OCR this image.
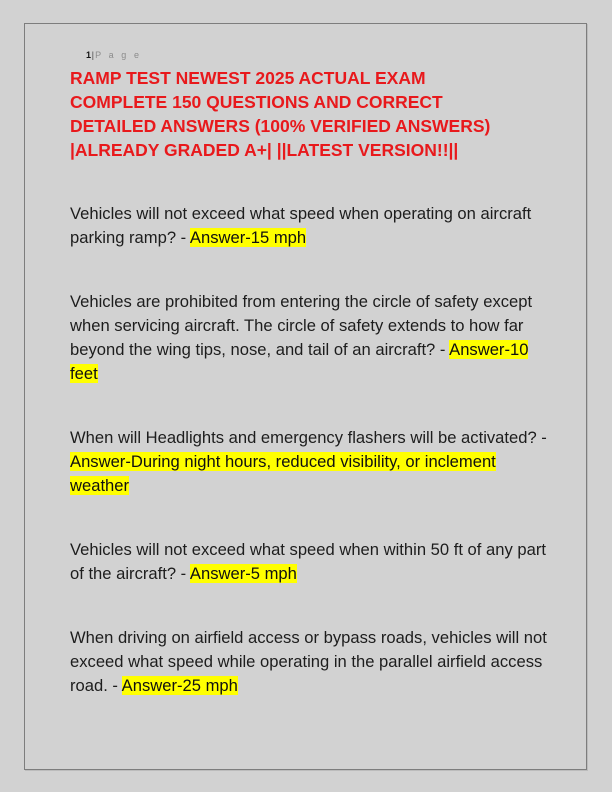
1|P a g e

RAMP TEST NEWEST 2025 ACTUAL EXAM
COMPLETE 150 QUESTIONS AND CORRECT
DETAILED ANSWERS (100% VERIFIED ANSWERS)
|ALREADY GRADED A+| ||LATEST VERSION!!||

Vehicles will not exceed what speed when operating on aircraft parking ramp? - Answer-15 mph

Vehicles are prohibited from entering the circle of safety except when servicing aircraft. The circle of safety extends to how far beyond the wing tips, nose, and tail of an aircraft? - Answer-10 feet

When will Headlights and emergency flashers will be activated? - Answer-During night hours, reduced visibility, or inclement weather

Vehicles will not exceed what speed when within 50 ft of any part of the aircraft? - Answer-5 mph

When driving on airfield access or bypass roads, vehicles will not exceed what speed while operating in the parallel airfield access road. - Answer-25 mph
